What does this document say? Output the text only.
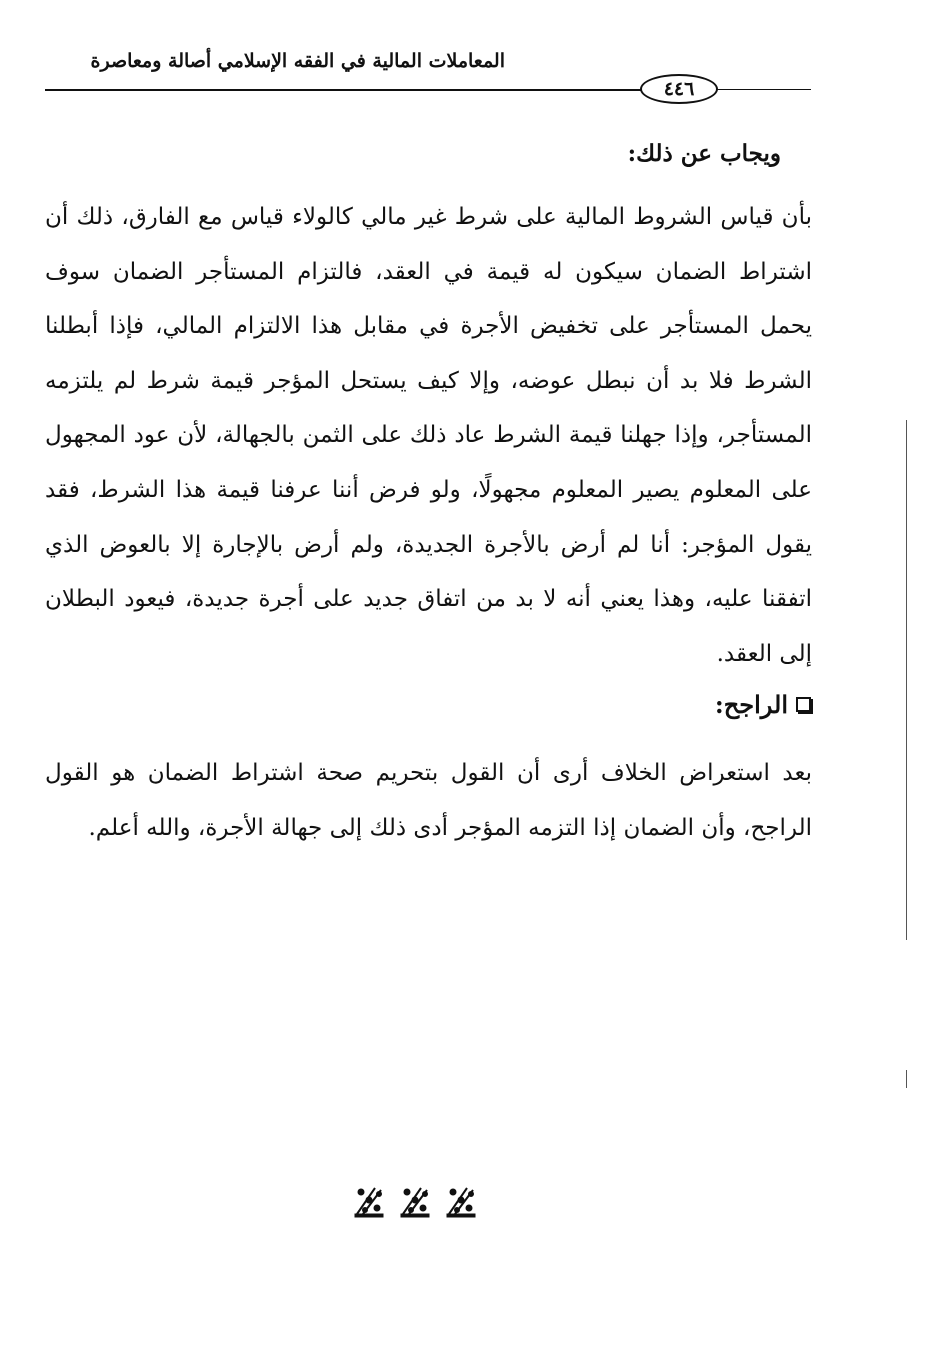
المعاملات المالية في الفقه الإسلامي أصالة ومعاصرة
٤٤٦
ويجاب عن ذلك:
بأن قياس الشروط المالية على شرط غير مالي كالولاء قياس مع الفارق، ذلك أن اشتراط الضمان سيكون له قيمة في العقد، فالتزام المستأجر الضمان سوف يحمل المستأجر على تخفيض الأجرة في مقابل هذا الالتزام المالي، فإذا أبطلنا الشرط فلا بد أن نبطل عوضه، وإلا كيف يستحل المؤجر قيمة شرط لم يلتزمه المستأجر، وإذا جهلنا قيمة الشرط عاد ذلك على الثمن بالجهالة، لأن عود المجهول على المعلوم يصير المعلوم مجهولًا، ولو فرض أننا عرفنا قيمة هذا الشرط، فقد يقول المؤجر: أنا لم أرض بالأجرة الجديدة، ولم أرض بالإجارة إلا بالعوض الذي اتفقنا عليه، وهذا يعني أنه لا بد من اتفاق جديد على أجرة جديدة، فيعود البطلان إلى العقد.
الراجح:
بعد استعراض الخلاف أرى أن القول بتحريم صحة اشتراط الضمان هو القول الراجح، وأن الضمان إذا التزمه المؤجر أدى ذلك إلى جهالة الأجرة، والله أعلم.
